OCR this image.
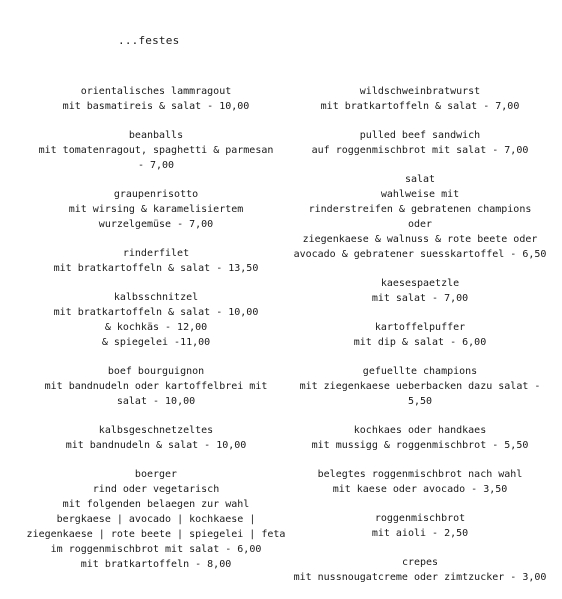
...festes
orientalisches lammragout
mit basmatireis & salat - 10,00
beanballs
mit tomatenragout, spaghetti & parmesan
- 7,00
graupenrisotto
mit wirsing & karamelisiertem
wurzelgemüse - 7,00
rinderfilet
mit bratkartoffeln & salat - 13,50
kalbsschnitzel
mit bratkartoffeln & salat - 10,00
& kochkäs - 12,00
& spiegelei -11,00
boef bourguignon
mit bandnudeln oder kartoffelbrei mit
salat - 10,00
kalbsgeschnetzeltes
mit bandnudeln & salat - 10,00
boerger
rind oder vegetarisch
mit folgenden belaegen zur wahl
bergkaese | avocado | kochkaese |
ziegenkaese | rote beete | spiegelei | feta
im roggenmischbrot mit salat - 6,00
mit bratkartoffeln - 8,00
wildschweinbratwurst
mit bratkartoffeln & salat - 7,00
pulled beef sandwich
auf roggenmischbrot mit salat - 7,00
salat
wahlweise mit
rinderstreifen & gebratenen champions
oder
ziegenkaese & walnuss & rote beete oder
avocado & gebratener suesskartoffel - 6,50
kaesespaetzle
mit salat - 7,00
kartoffelpuffer
mit dip & salat - 6,00
gefuellte champions
mit ziegenkaese ueberbacken dazu salat -
5,50
kochkaes oder handkaes
mit mussigg & roggenmischbrot - 5,50
belegtes roggenmischbrot nach wahl
mit kaese oder avocado - 3,50
roggenmischbrot
mit aioli - 2,50
crepes
mit nussnougatcreme oder zimtzucker - 3,00
